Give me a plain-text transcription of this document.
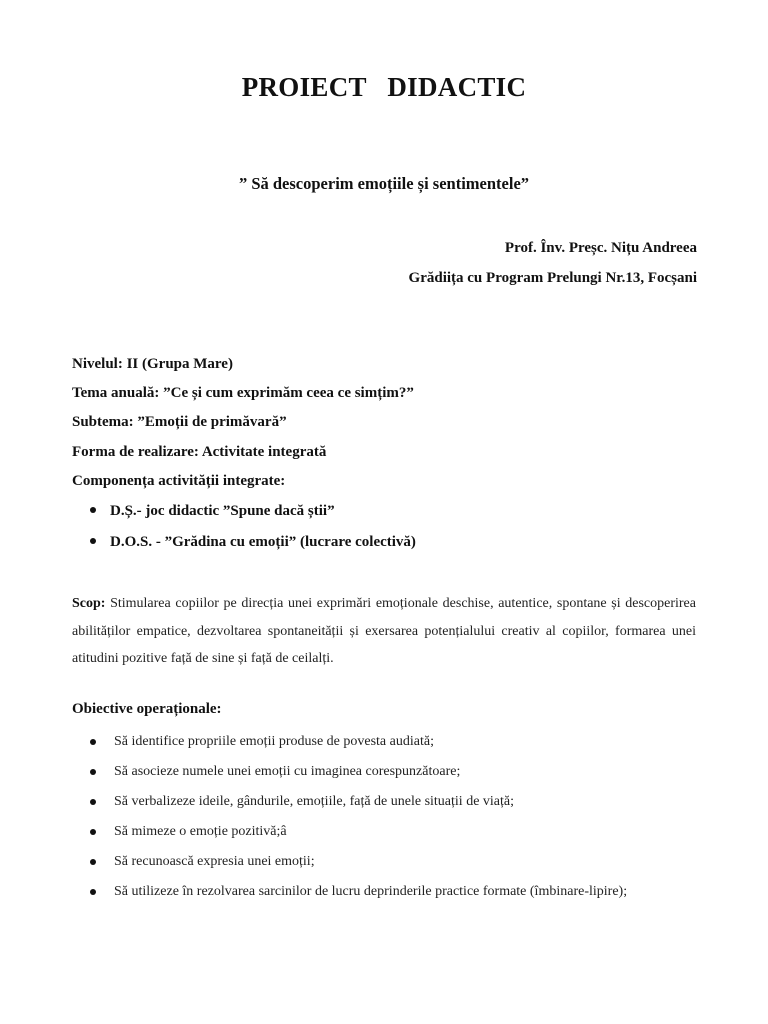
PROIECT DIDACTIC
” Să descoperim emoțiile și sentimentele”
Prof. Înv. Preșc. Nițu Andreea
Grădiița cu Program Prelungi Nr.13, Focșani
Nivelul: II (Grupa Mare)
Tema anuală: ”Ce și cum exprimăm ceea ce simțim?”
Subtema: ”Emoții de primăvară”
Forma de realizare: Activitate integrată
Componența activității integrate:
D.Ș.- joc didactic ”Spune dacă știi”
D.O.S. - ”Grădina cu emoții” (lucrare colectivă)
Scop: Stimularea copiilor pe direcția unei exprimări emoționale deschise, autentice, spontane și descoperirea abilităților empatice, dezvoltarea spontaneității și exersarea potențialului creativ al copiilor, formarea unei atitudini pozitive față de sine și față de ceilalți.
Obiective operaționale:
Să identifice propriile emoții produse de povesta audiată;
Să asocieze numele unei emoții cu imaginea corespunzătoare;
Să verbalizeze ideile, gândurile, emoțiile, față de unele situații de viață;
Să mimeze o emoție pozitivă;â
Să recunoască expresia unei emoții;
Să utilizeze în rezolvarea sarcinilor de lucru deprinderile practice formate (îmbinare-lipire);
